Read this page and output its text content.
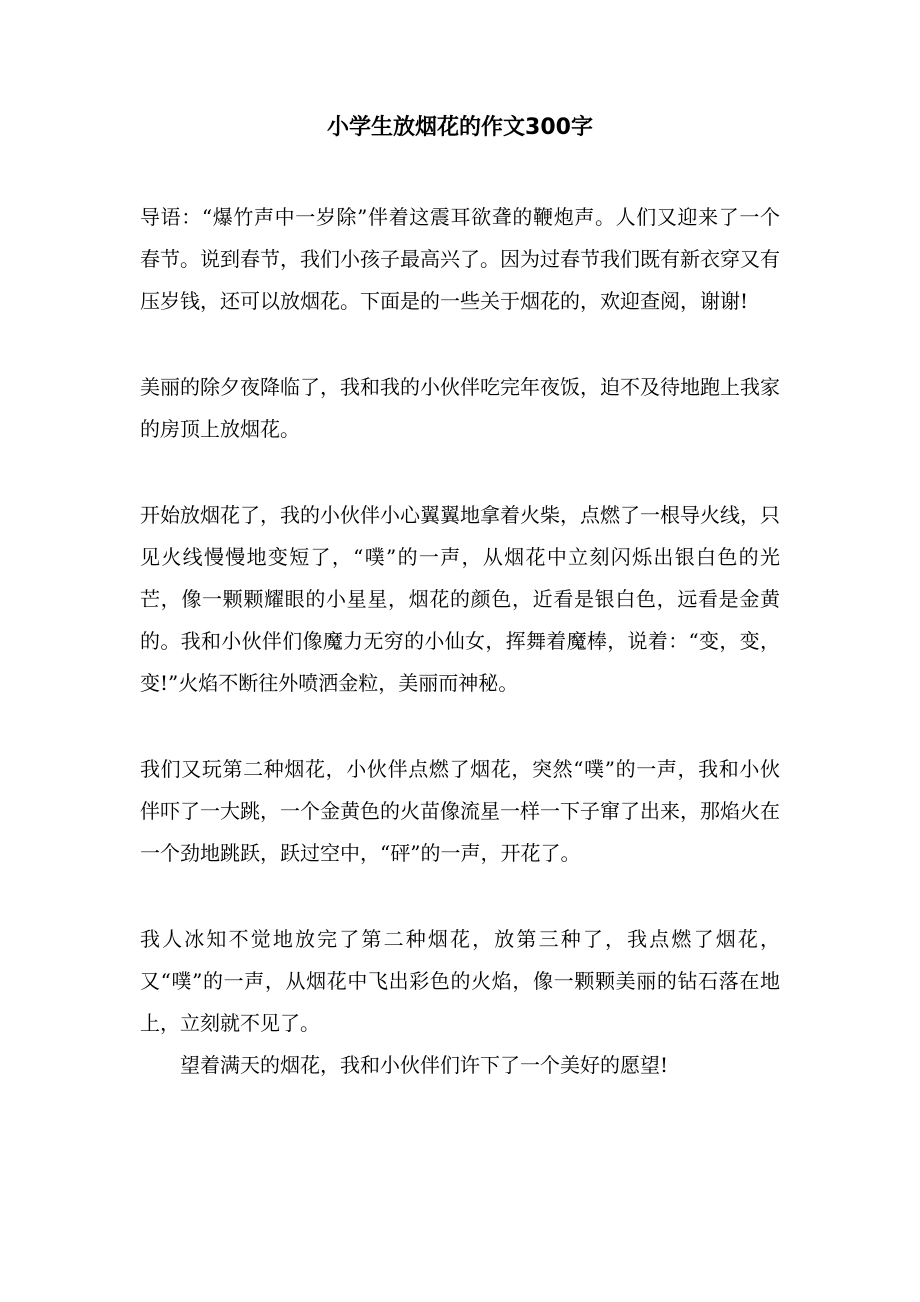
小学生放烟花的作文300字

导语：“爆竹声中一岁除”伴着这震耳欲聋的鞭炮声。人们又迎来了一个春节。说到春节，我们小孩子最高兴了。因为过春节我们既有新衣穿又有压岁钱，还可以放烟花。下面是的一些关于烟花的，欢迎查阅，谢谢!

美丽的除夕夜降临了，我和我的小伙伴吃完年夜饭，迫不及待地跑上我家的房顶上放烟花。

开始放烟花了，我的小伙伴小心翼翼地拿着火柴，点燃了一根导火线，只见火线慢慢地变短了，“噗”的一声，从烟花中立刻闪烁出银白色的光芒，像一颗颗耀眼的小星星，烟花的颜色，近看是银白色，远看是金黄的。我和小伙伴们像魔力无穷的小仙女，挥舞着魔棒，说着：“变，变，变!”火焰不断往外喷洒金粒，美丽而神秘。

我们又玩第二种烟花，小伙伴点燃了烟花，突然“噗”的一声，我和小伙伴吓了一大跳，一个金黄色的火苗像流星一样一下子窜了出来，那焰火在一个劲地跳跃，跃过空中，“砰”的一声，开花了。

我人冰知不觉地放完了第二种烟花，放第三种了，我点燃了烟花，又“噗”的一声，从烟花中飞出彩色的火焰，像一颗颗美丽的钻石落在地上，立刻就不见了。

望着满天的烟花，我和小伙伴们许下了一个美好的愿望!
